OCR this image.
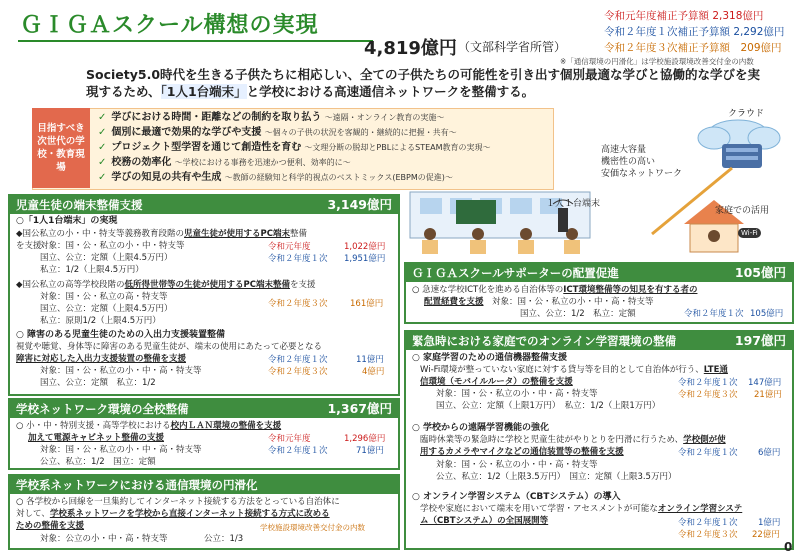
ＧＩＧＡスクール構想の実現
4,819億円 （文部科学省所管）
令和元年度補正予算額 2,318億円
令和２年度１次補正予算額 2,292億円
令和２年度３次補正予算額　209億円
※「通信環境の円滑化」は学校施設環境改善交付金の内数
Society5.0時代を生きる子供たちに相応しい、全ての子供たちの可能性を引き出す個別最適な学びと協働的な学びを実
現するため、「1人1台端末」と学校における高速通信ネットワークを整備する。
目指すべき次世代の学校・教育現場
✓ 学びにおける時間・距離などの制約を取り払う ～遠隔・オンライン教育の実施～
✓ 個別に最適で効果的な学びや支援 ～個々の子供の状況を客観的・継続的に把握・共有～
✓ プロジェクト型学習を通じて創造性を育む ～文理分断の脱却とPBLによるSTEAM教育の実現～
✓ 校務の効率化 ～学校における事務を迅速かつ便利、効率的に～
✓ 学びの知見の共有や生成 ～教師の経験知と科学的視点のベストミックス(EBPMの促進)～
クラウド
高速大容量
機密性の高い
安価なネットワーク
１人１台端末
家庭での活用
Wi-Fi
児童生徒の端末整備支援	3,149億円
○「1人1台端末」の実現
◆国公私立の小・中・特支等義務教育段階の児童生徒が使用するPC端末整備
を支援
対象：国・公・私立の小・中・特支等
国立、公立：定額（上限4.5万円）
私立：1/2（上限4.5万円）
令和元年度	1,022億円
令和２年度１次 1,951億円
◆国公私立の高等学校段階の低所得世帯等の生徒が使用するPC端末整備を支援
対象：国・公・私立の高・特支等
国立、公立：定額（上限4.5万円）
私立：原則1/2（上限4.5万円）
令和２年度３次	161億円
○ 障害のある児童生徒のための入出力支援装置整備
視覚や聴覚、身体等に障害のある児童生徒が、端末の使用にあたって必要となる
障害に対応した入出力支援装置の整備を支援
対象：国・公・私立の小・中・高・特支等
国立、公立：定額　私立：1/2
令和２年度１次	11億円
令和２年度３次	4億円
学校ネットワーク環境の全校整備	1,367億円
○ 小・中・特別支援・高等学校における校内ＬＡＮ環境の整備を支援
加えて電源キャビネット整備の支援
対象：国・公・私立の小・中・高・特支等
公立、私立：1/2　国立：定額
令和元年度	1,296億円
令和２年度１次	71億円
学校系ネットワークにおける通信環境の円滑化
○ 各学校から回線を一旦集約してインターネット接続する方法をとっている自治体に
対して、学校系ネットワークを学校から直接インターネット接続する方式に改める
ための整備を支援
対象：公立の小・中・高・特支等	公立：1/3
学校施設環境改善交付金の内数
ＧＩＧＡスクールサポーターの配置促進	105億円
○ 急速な学校ICT化を進める自治体等のICT環境整備等の知見を有する者の
配置経費を支援　対象：国・公・私立の小・中・高・特支等
国立、公立：1/2　私立：定額	令和２年度１次 105億円
緊急時における家庭でのオンライン学習環境の整備	197億円
○ 家庭学習のための通信機器整備支援
Wi-Fi環境が整っていない家庭に対する貸与等を目的として自治体が行う、LTE通
信環境（モバイルルータ）の整備を支援
対象：国・公・私立の小・中・高・特支等
国立、公立：定額（上限1万円）　私立：1/2（上限1万円）
令和２年度１次 147億円
令和２年度３次 21億円
○ 学校からの遠隔学習機能の強化
臨時休業等の緊急時に学校と児童生徒がやりとりを円滑に行うため、学校側が使
用するカメラやマイクなどの通信装置等の整備を支援
対象：国・公・私立の小・中・高・特支等
公立、私立：1/2（上限3.5万円）　国立：定額（上限3.5万円）
令和２年度１次 6億円
○ オンライン学習システム（CBTシステム）の導入
学校や家庭において端末を用いて学習・アセスメントが可能なオンライン学習システ
ム（CBTシステム）の全国展開等	令和２年度１次 1億円
令和２年度３次 22億円
0
